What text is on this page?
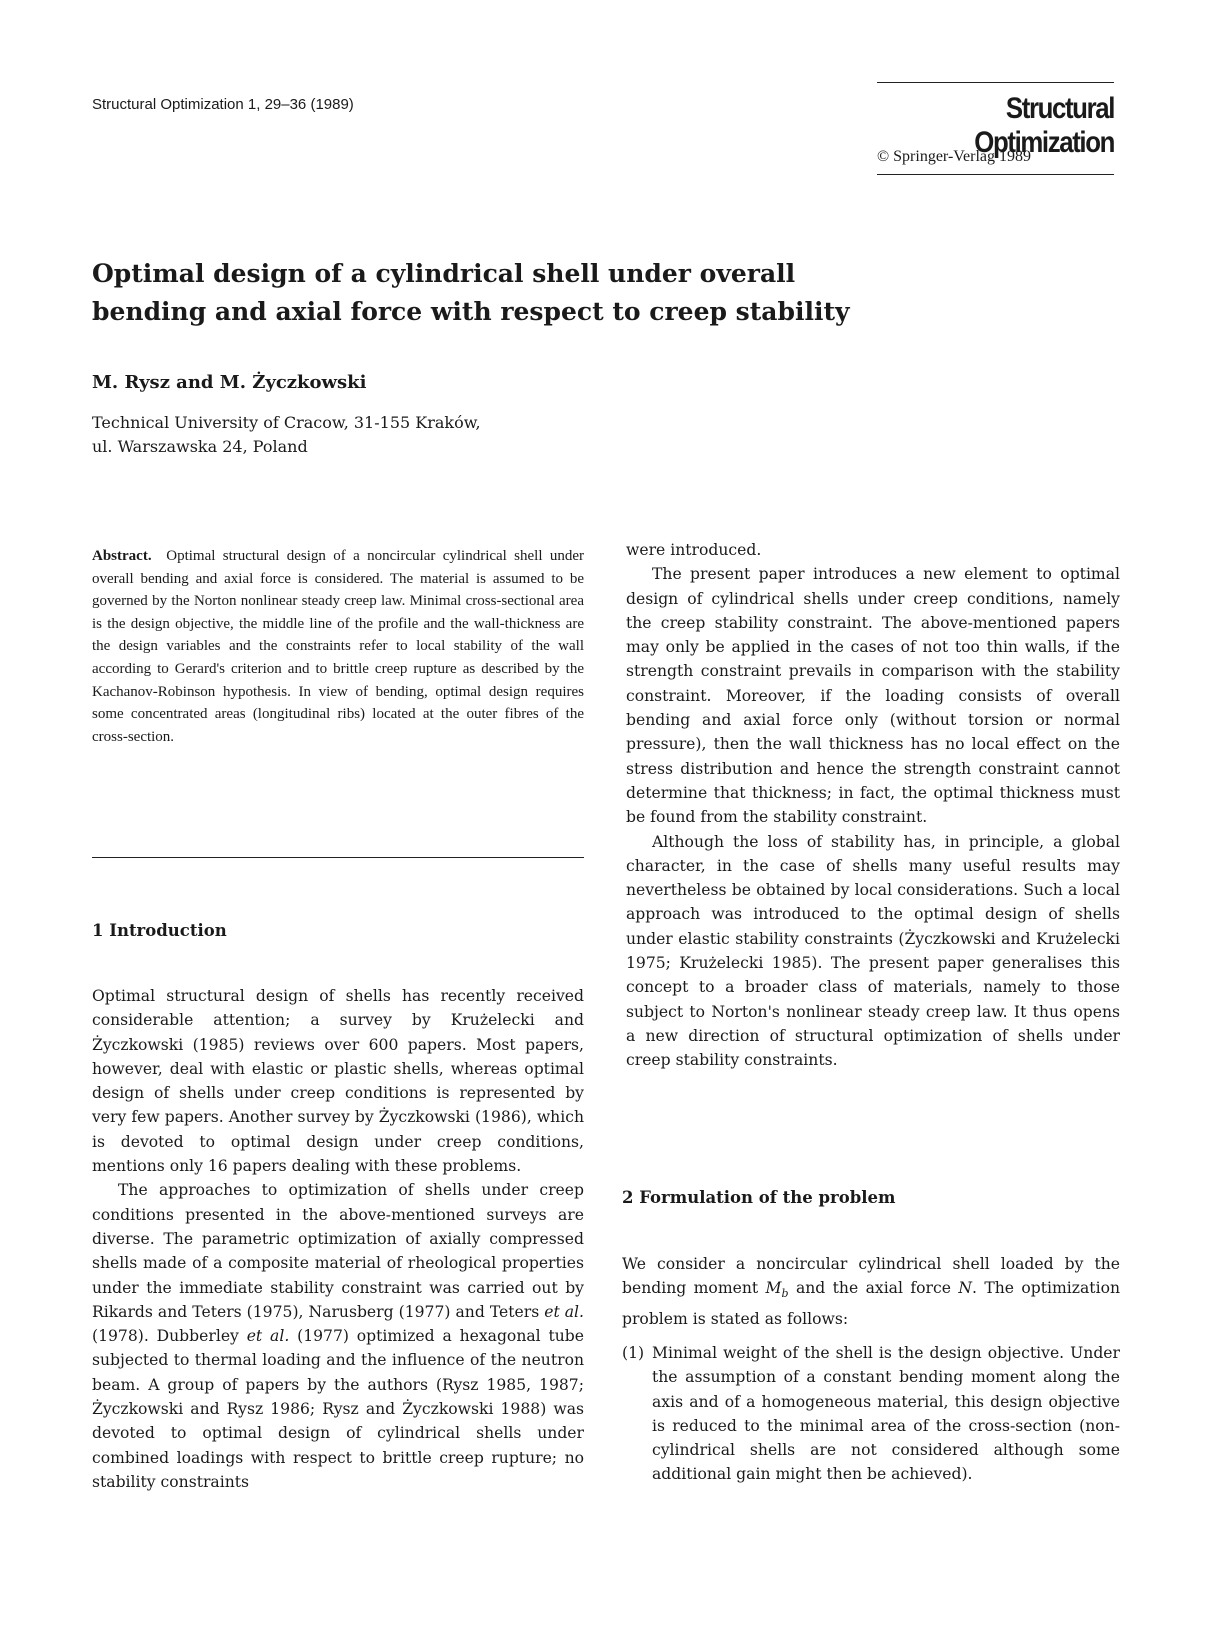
Structural Optimization 1, 29–36 (1989)	Structural Optimization
© Springer-Verlag 1989
Optimal design of a cylindrical shell under overall
bending and axial force with respect to creep stability
M. Rysz and M. Życzkowski
Technical University of Cracow, 31-155 Kraków,
ul. Warszawska 24, Poland
Abstract. Optimal structural design of a noncircular cylindrical shell under overall bending and axial force is considered. The material is assumed to be governed by the Norton nonlinear steady creep law. Minimal cross-sectional area is the design objective, the middle line of the profile and the wall-thickness are the design variables and the constraints refer to local stability of the wall according to Gerard's criterion and to brittle creep rupture as described by the Kachanov-Robinson hypothesis. In view of bending, optimal design requires some concentrated areas (longitudinal ribs) located at the outer fibres of the cross-section.
1 Introduction

Optimal structural design of shells has recently received considerable attention; a survey by Krużelecki and Życzkowski (1985) reviews over 600 papers. Most papers, however, deal with elastic or plastic shells, whereas optimal design of shells under creep conditions is represented by very few papers. Another survey by Życzkowski (1986), which is devoted to optimal design under creep conditions, mentions only 16 papers dealing with these problems.

The approaches to optimization of shells under creep conditions presented in the above-mentioned surveys are diverse. The parametric optimization of axially compressed shells made of a composite material of rheological properties under the immediate stability constraint was carried out by Rikards and Teters (1975), Narusberg (1977) and Teters et al. (1978). Dubberley et al. (1977) optimized a hexagonal tube subjected to thermal loading and the influence of the neutron beam. A group of papers by the authors (Rysz 1985, 1987; Życzkowski and Rysz 1986; Rysz and Życzkowski 1988) was devoted to optimal design of cylindrical shells under combined loadings with respect to brittle creep rupture; no stability constraints

were introduced.

The present paper introduces a new element to optimal design of cylindrical shells under creep conditions, namely the creep stability constraint. The above-mentioned papers may only be applied in the cases of not too thin walls, if the strength constraint prevails in comparison with the stability constraint. Moreover, if the loading consists of overall bending and axial force only (without torsion or normal pressure), then the wall thickness has no local effect on the stress distribution and hence the strength constraint cannot determine that thickness; in fact, the optimal thickness must be found from the stability constraint.

Although the loss of stability has, in principle, a global character, in the case of shells many useful results may nevertheless be obtained by local considerations. Such a local approach was introduced to the optimal design of shells under elastic stability constraints (Życzkowski and Krużelecki 1975; Krużelecki 1985). The present paper generalises this concept to a broader class of materials, namely to those subject to Norton's nonlinear steady creep law. It thus opens a new direction of structural optimization of shells under creep stability constraints.

2 Formulation of the problem

We consider a noncircular cylindrical shell loaded by the bending moment $M_b$ and the axial force N. The optimization problem is stated as follows:

(1) Minimal weight of the shell is the design objective. Under the assumption of a constant bending moment along the axis and of a homogeneous material, this design objective is reduced to the minimal area of the cross-section (non-cylindrical shells are not considered although some additional gain might then be achieved).
